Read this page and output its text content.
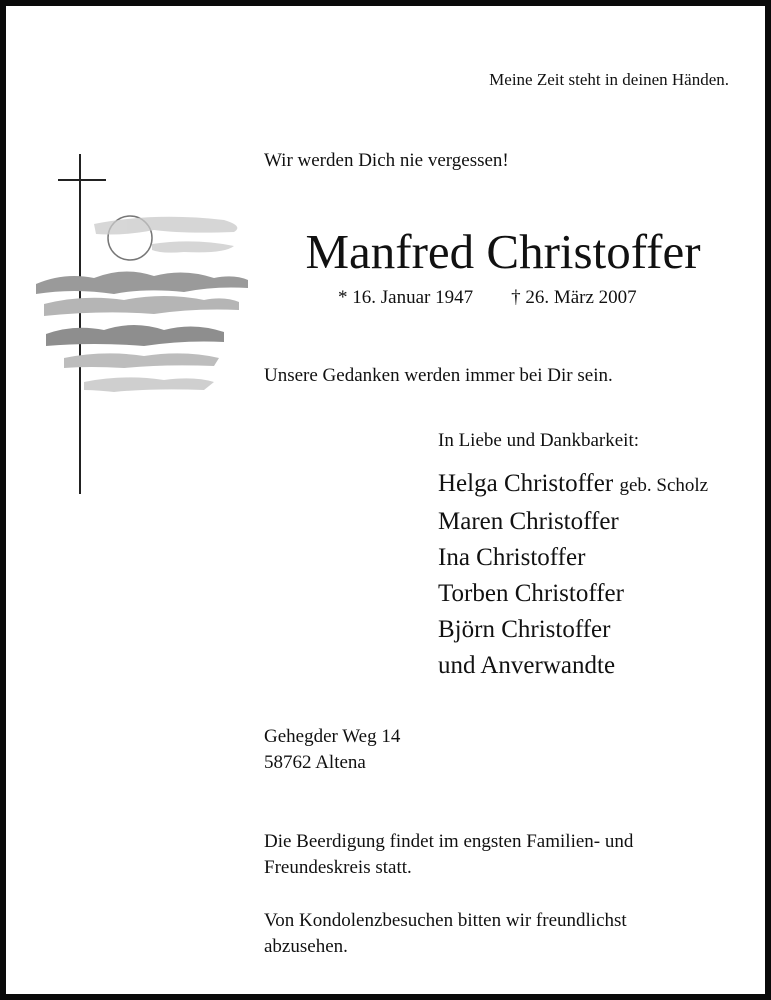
Meine Zeit steht in deinen Händen.
Wir werden Dich nie vergessen!
Manfred Christoffer
* 16. Januar 1947 † 26. März 2007
Unsere Gedanken werden immer bei Dir sein.
In Liebe und Dankbarkeit:
Helga Christoffer geb. Scholz
Maren Christoffer
Ina Christoffer
Torben Christoffer
Björn Christoffer
und Anverwandte
Gehegder Weg 14
58762 Altena
Die Beerdigung findet im engsten Familien- und
Freundeskreis statt.
Von Kondolenzbesuchen bitten wir freundlichst
abzusehen.
